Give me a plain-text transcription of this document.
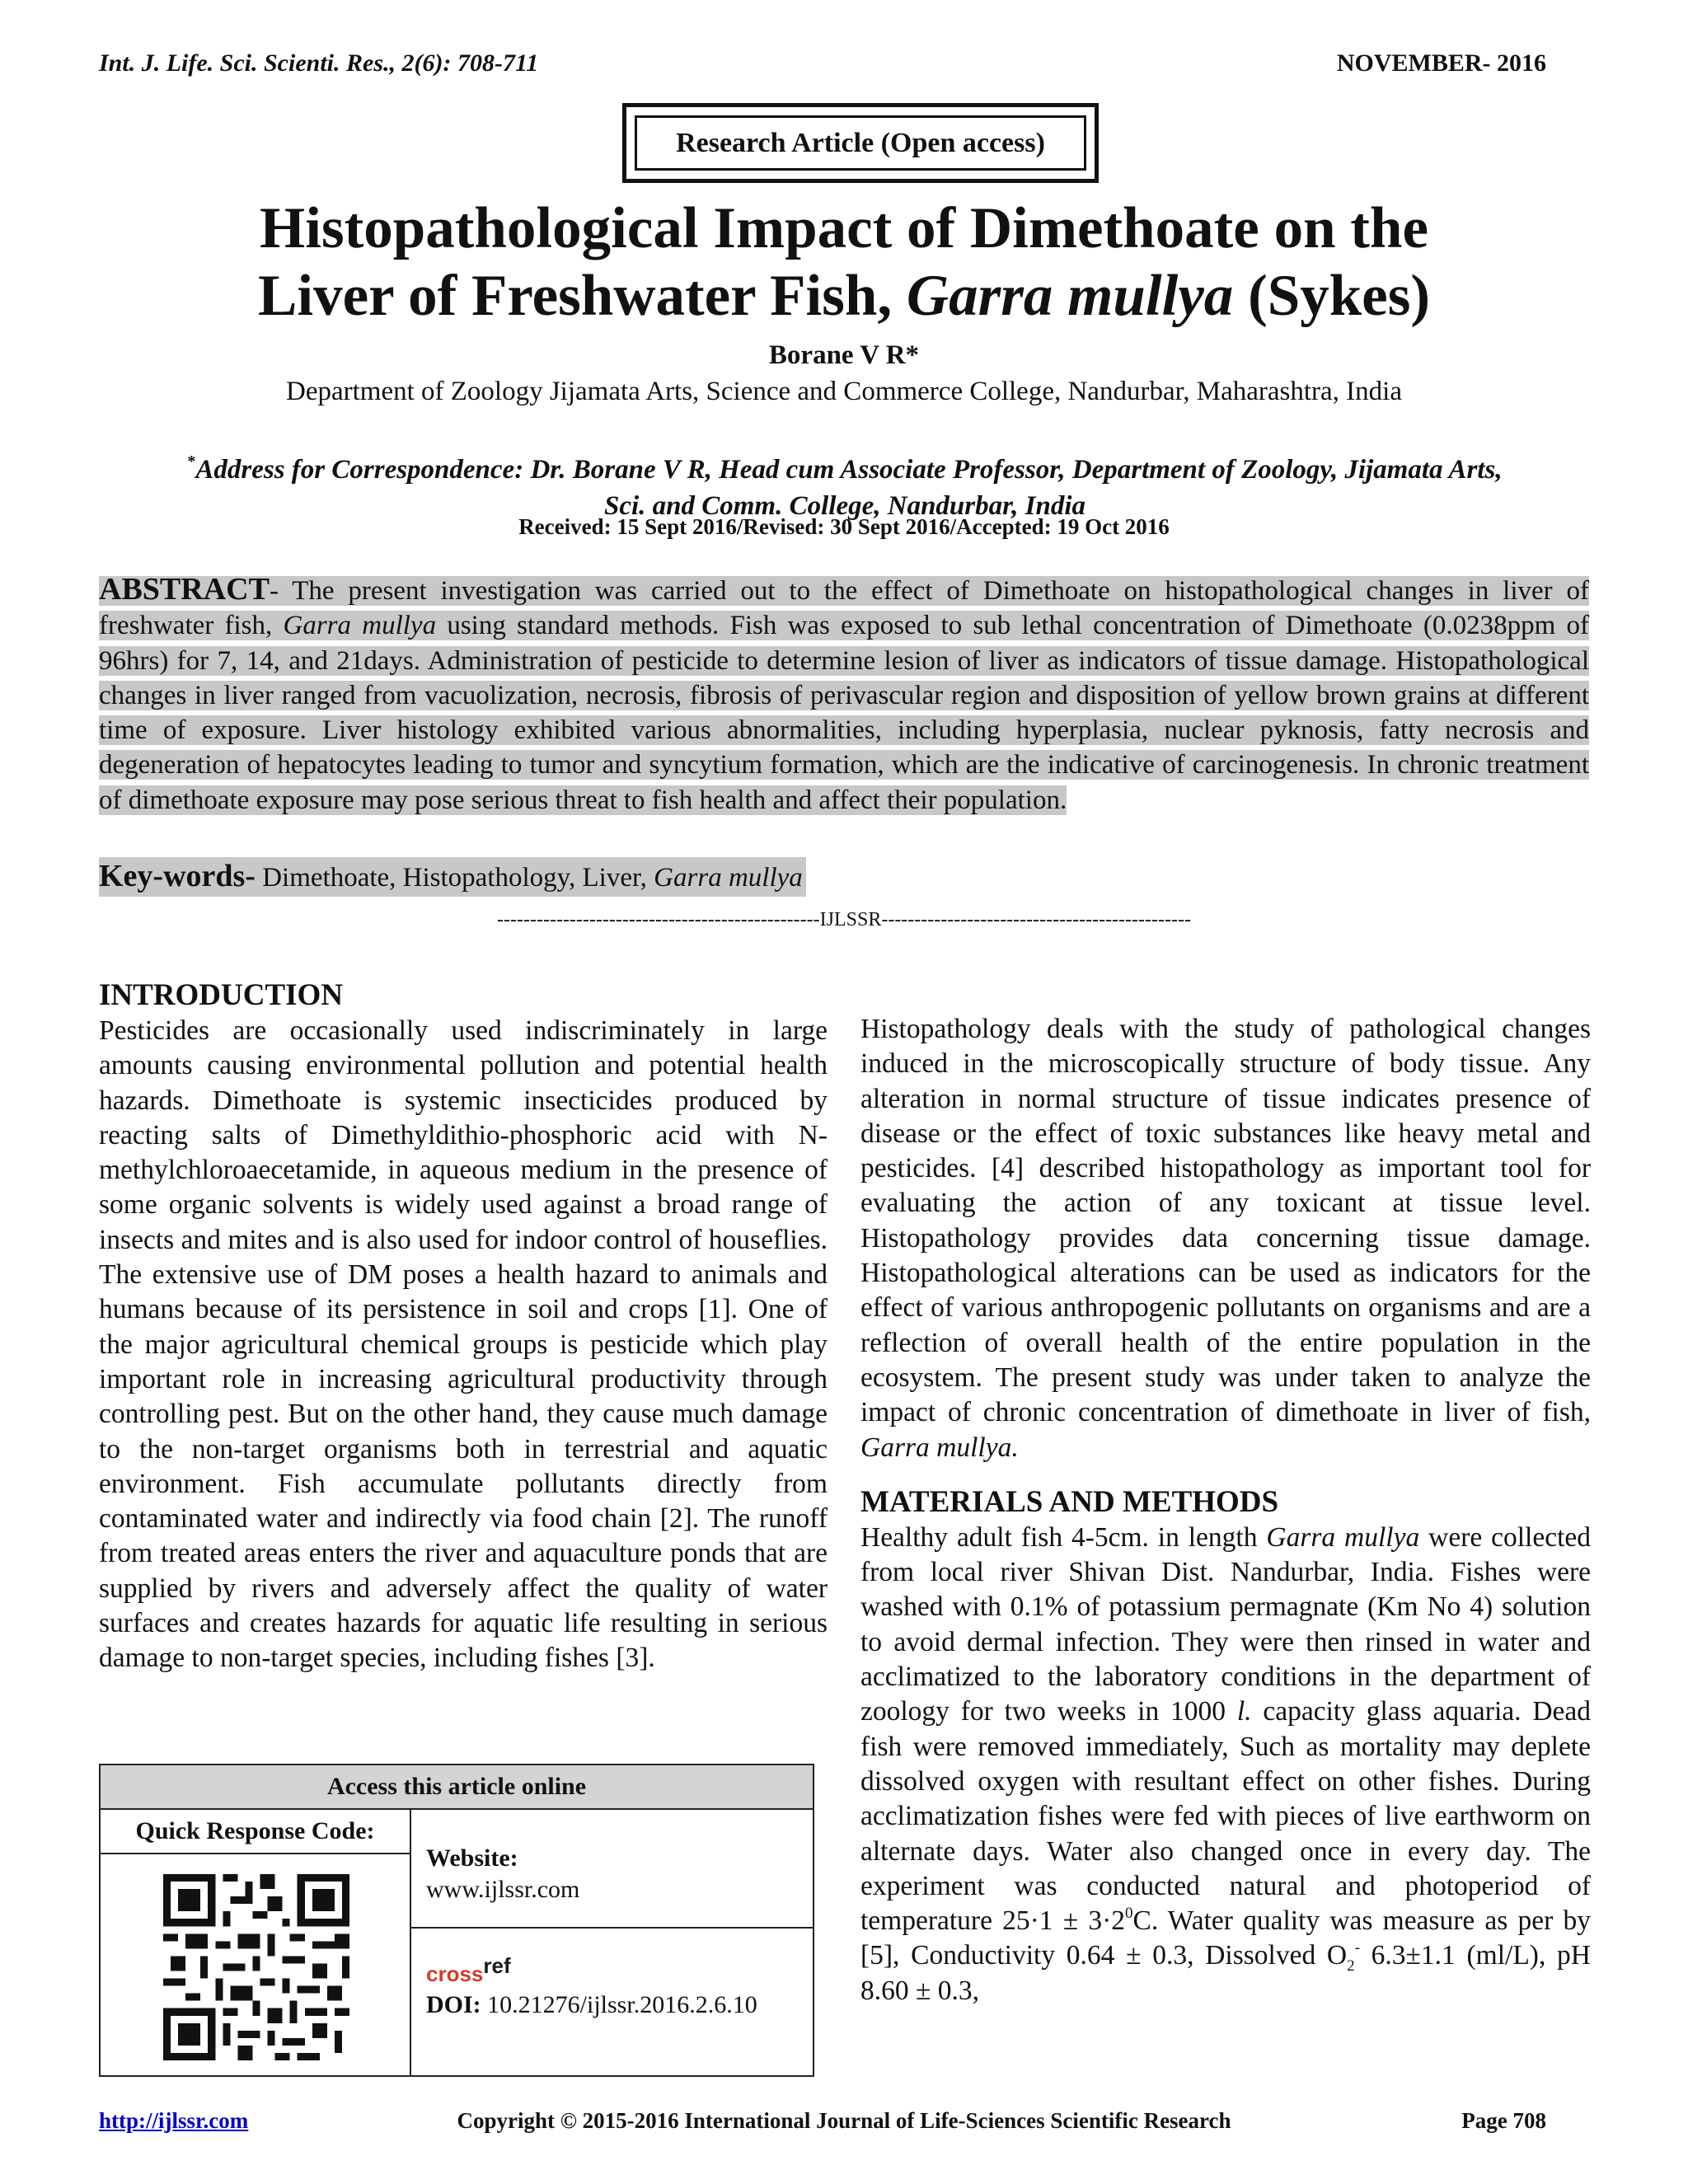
Int. J. Life. Sci. Scienti. Res., 2(6): 708-711	NOVEMBER- 2016
Research Article (Open access)
Histopathological Impact of Dimethoate on the
Liver of Freshwater Fish, Garra mullya (Sykes)
Borane V R*
Department of Zoology Jijamata Arts, Science and Commerce College, Nandurbar, Maharashtra, India
*Address for Correspondence: Dr. Borane V R, Head cum Associate Professor, Department of Zoology, Jijamata Arts,
Sci. and Comm. College, Nandurbar, India
Received: 15 Sept 2016/Revised: 30 Sept 2016/Accepted: 19 Oct 2016
ABSTRACT- The present investigation was carried out to the effect of Dimethoate on histopathological changes in liver of freshwater fish, Garra mullya using standard methods. Fish was exposed to sub lethal concentration of Dimethoate (0.0238ppm of 96hrs) for 7, 14, and 21days. Administration of pesticide to determine lesion of liver as indicators of tissue damage. Histopathological changes in liver ranged from vacuolization, necrosis, fibrosis of perivascular region and disposition of yellow brown grains at different time of exposure. Liver histology exhibited various abnormalities, including hyperplasia, nuclear pyknosis, fatty necrosis and degeneration of hepatocytes leading to tumor and syncytium formation, which are the indicative of carcinogenesis. In chronic treatment of dimethoate exposure may pose serious threat to fish health and affect their population.
Key-words- Dimethoate, Histopathology, Liver, Garra mullya
-------------------------------------------------IJLSSR-----------------------------------------------
INTRODUCTION

Pesticides are occasionally used indiscriminately in large amounts causing environmental pollution and potential health hazards. Dimethoate is systemic insecticides produced by reacting salts of Dimethyldithio-phosphoric acid with N-methylchloroaecetamide, in aqueous medium in the presence of some organic solvents is widely used against a broad range of insects and mites and is also used for indoor control of houseflies. The extensive use of DM poses a health hazard to animals and humans because of its persistence in soil and crops [1]. One of the major agricultural chemical groups is pesticide which play important role in increasing agricultural productivity through controlling pest. But on the other hand, they cause much damage to the non-target organisms both in terrestrial and aquatic environment. Fish accumulate pollutants directly from contaminated water and indirectly via food chain [2]. The runoff from treated areas enters the river and aquaculture ponds that are supplied by rivers and adversely affect the quality of water surfaces and creates hazards for aquatic life resulting in serious damage to non-target species, including fishes [3].

Histopathology deals with the study of pathological changes induced in the microscopically structure of body tissue. Any alteration in normal structure of tissue indicates presence of disease or the effect of toxic substances like heavy metal and pesticides. [4] described histopathology as important tool for evaluating the action of any toxicant at tissue level. Histopathology provides data concerning tissue damage. Histopathological alterations can be used as indicators for the effect of various anthropogenic pollutants on organisms and are a reflection of overall health of the entire population in the ecosystem. The present study was under taken to analyze the impact of chronic concentration of dimethoate in liver of fish, Garra mullya.

MATERIALS AND METHODS

Healthy adult fish 4-5cm. in length Garra mullya were collected from local river Shivan Dist. Nandurbar, India. Fishes were washed with 0.1% of potassium permagnate (Km No 4) solution to avoid dermal infection. They were then rinsed in water and acclimatized to the laboratory conditions in the department of zoology for two weeks in 1000 l. capacity glass aquaria. Dead fish were removed immediately, Such as mortality may deplete dissolved oxygen with resultant effect on other fishes. During acclimatization fishes were fed with pieces of live earthworm on alternate days. Water also changed once in every day. The experiment was conducted natural and photoperiod of temperature $25\cdot 1 \pm 3\cdot 2^0C$. Water quality was measure as per by [5], Conductivity 0.64 ± 0.3, Dissolved $O_2^-$ 6.3±1.1 (ml/L), pH 8.60 ± 0.3,

Access this article online
Quick Response Code:
Website:
www.ijlssr.com
crossref
DOI: 10.21276/ijlssr.2016.2.6.10
Copyright © 2015-2016 International Journal of Life-Sciences Scientific Research
http://ijlssr.com	Page 708
